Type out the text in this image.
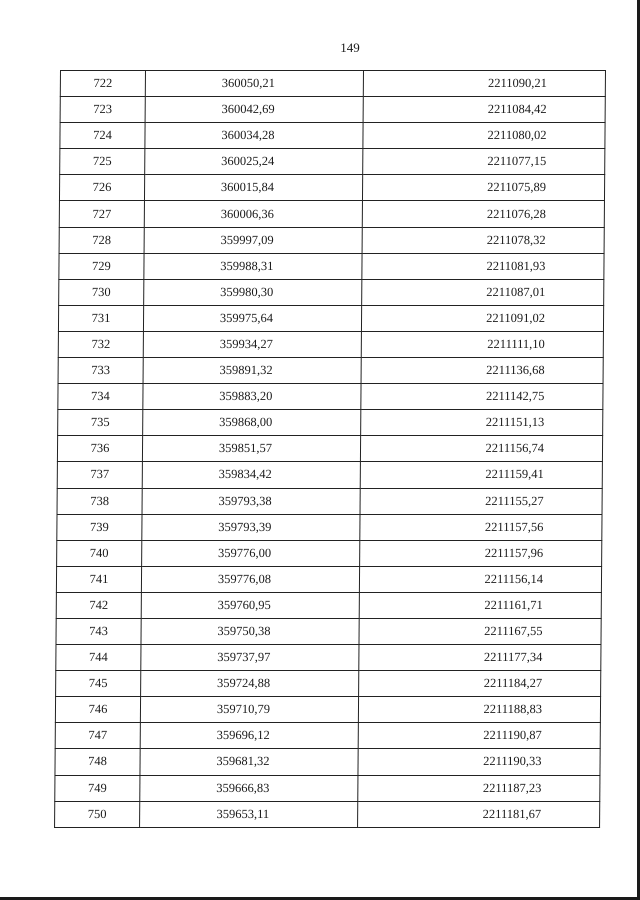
149
722	360050,21	2211090,21
723	360042,69	2211084,42
724	360034,28	2211080,02
725	360025,24	2211077,15
726	360015,84	2211075,89
727	360006,36	2211076,28
728	359997,09	2211078,32
729	359988,31	2211081,93
730	359980,30	2211087,01
731	359975,64	2211091,02
732	359934,27	2211111,10
733	359891,32	2211136,68
734	359883,20	2211142,75
735	359868,00	2211151,13
736	359851,57	2211156,74
737	359834,42	2211159,41
738	359793,38	2211155,27
739	359793,39	2211157,56
740	359776,00	2211157,96
741	359776,08	2211156,14
742	359760,95	2211161,71
743	359750,38	2211167,55
744	359737,97	2211177,34
745	359724,88	2211184,27
746	359710,79	2211188,83
747	359696,12	2211190,87
748	359681,32	2211190,33
749	359666,83	2211187,23
750	359653,11	2211181,67
